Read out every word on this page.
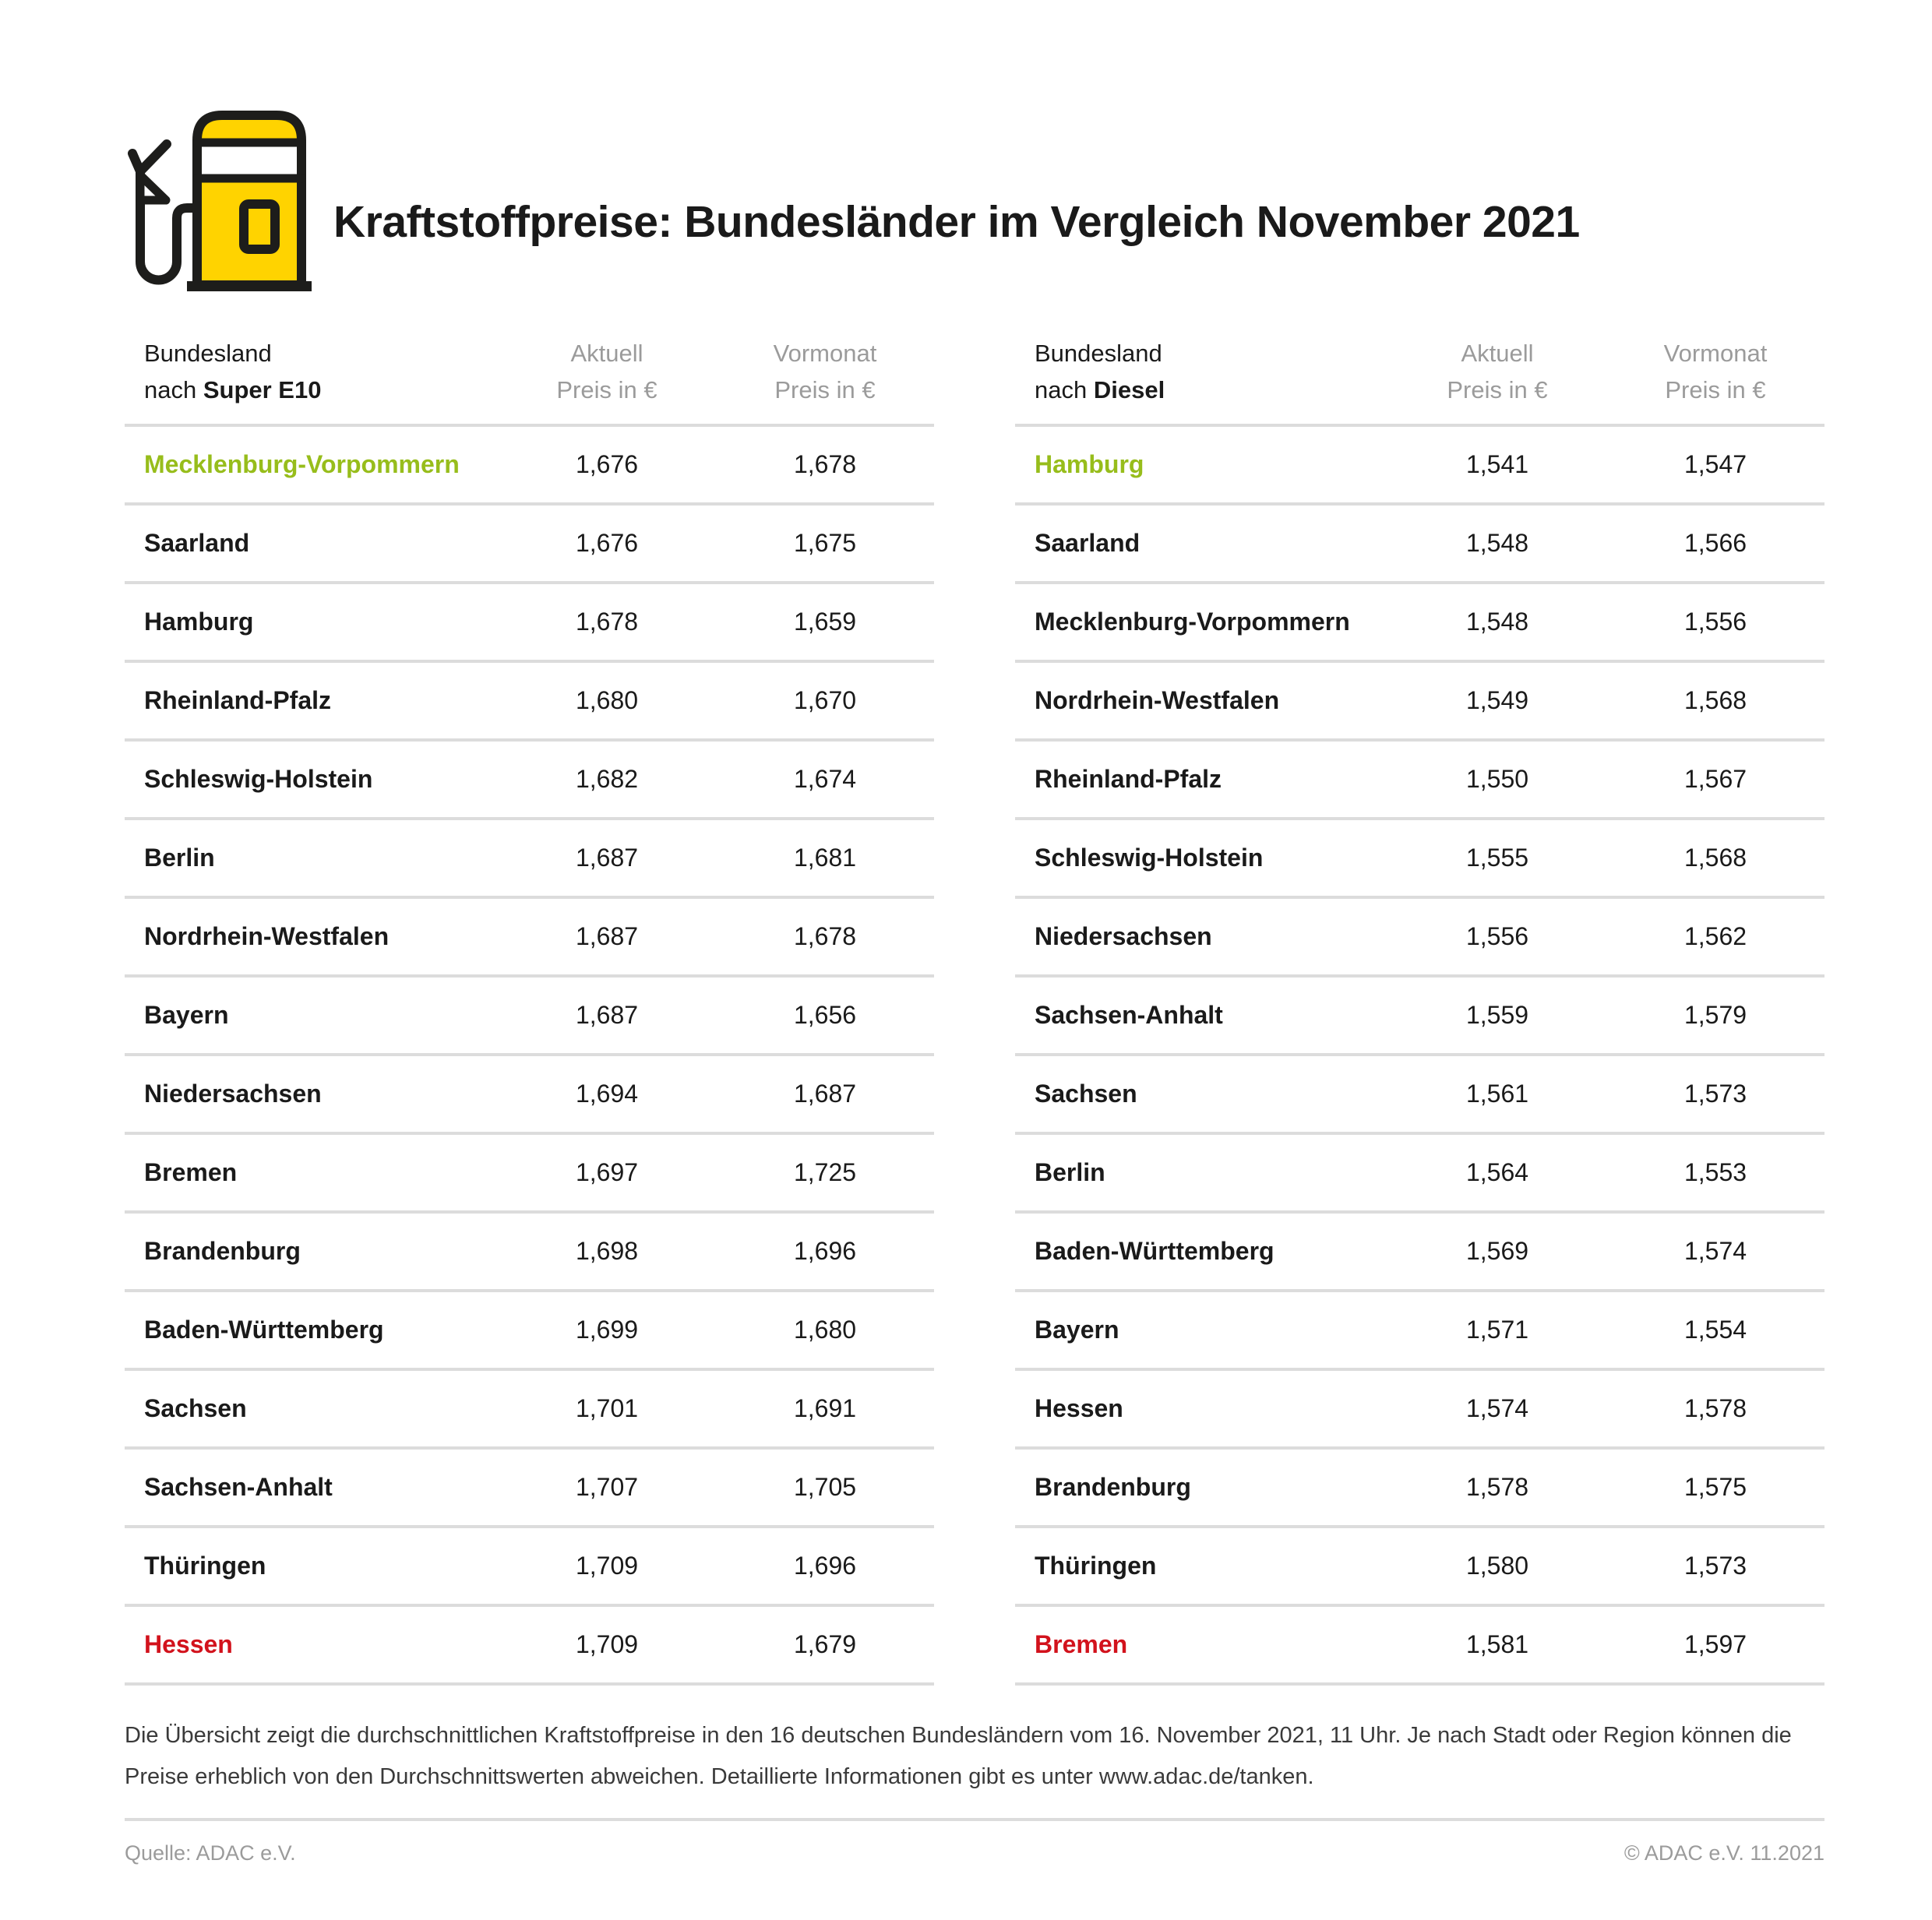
Kraftstoffpreise: Bundesländer im Vergleich November 2021
Bundesland
nach Super E10
Aktuell
Preis in €
Vormonat
Preis in €
Mecklenburg-Vorpommern	1,676	1,678
Saarland	1,676	1,675
Hamburg	1,678	1,659
Rheinland-Pfalz	1,680	1,670
Schleswig-Holstein	1,682	1,674
Berlin	1,687	1,681
Nordrhein-Westfalen	1,687	1,678
Bayern	1,687	1,656
Niedersachsen	1,694	1,687
Bremen	1,697	1,725
Brandenburg	1,698	1,696
Baden-Württemberg	1,699	1,680
Sachsen	1,701	1,691
Sachsen-Anhalt	1,707	1,705
Thüringen	1,709	1,696
Hessen	1,709	1,679
Bundesland
nach Diesel
Aktuell
Preis in €
Vormonat
Preis in €
Hamburg	1,541	1,547
Saarland	1,548	1,566
Mecklenburg-Vorpommern	1,548	1,556
Nordrhein-Westfalen	1,549	1,568
Rheinland-Pfalz	1,550	1,567
Schleswig-Holstein	1,555	1,568
Niedersachsen	1,556	1,562
Sachsen-Anhalt	1,559	1,579
Sachsen	1,561	1,573
Berlin	1,564	1,553
Baden-Württemberg	1,569	1,574
Bayern	1,571	1,554
Hessen	1,574	1,578
Brandenburg	1,578	1,575
Thüringen	1,580	1,573
Bremen	1,581	1,597
Die Übersicht zeigt die durchschnittlichen Kraftstoffpreise in den 16 deutschen Bundesländern vom 16. November 2021, 11 Uhr. Je nach Stadt oder Region können die
Preise erheblich von den Durchschnittswerten abweichen. Detaillierte Informationen gibt es unter www.adac.de/tanken.
Quelle: ADAC e.V.	© ADAC e.V. 11.2021
